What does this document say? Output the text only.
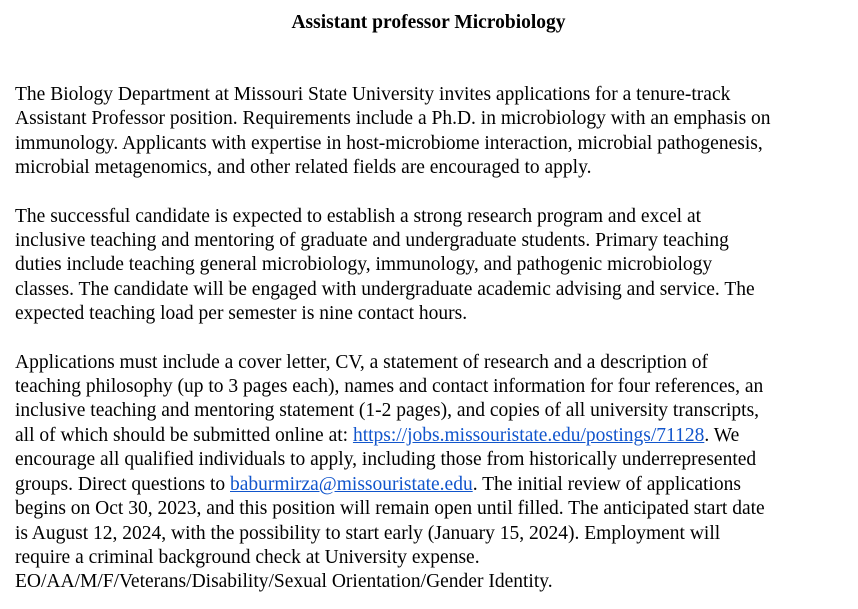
Assistant professor Microbiology

The Biology Department at Missouri State University invites applications for a tenure-track
Assistant Professor position. Requirements include a Ph.D. in microbiology with an emphasis on
immunology. Applicants with expertise in host-microbiome interaction, microbial pathogenesis,
microbial metagenomics, and other related fields are encouraged to apply.

The successful candidate is expected to establish a strong research program and excel at
inclusive teaching and mentoring of graduate and undergraduate students. Primary teaching
duties include teaching general microbiology, immunology, and pathogenic microbiology
classes. The candidate will be engaged with undergraduate academic advising and service. The
expected teaching load per semester is nine contact hours.

Applications must include a cover letter, CV, a statement of research and a description of
teaching philosophy (up to 3 pages each), names and contact information for four references, an
inclusive teaching and mentoring statement (1-2 pages), and copies of all university transcripts,
all of which should be submitted online at: https://jobs.missouristate.edu/postings/71128. We
encourage all qualified individuals to apply, including those from historically underrepresented
groups. Direct questions to baburmirza@missouristate.edu. The initial review of applications
begins on Oct 30, 2023, and this position will remain open until filled. The anticipated start date
is August 12, 2024, with the possibility to start early (January 15, 2024). Employment will
require a criminal background check at University expense.
EO/AA/M/F/Veterans/Disability/Sexual Orientation/Gender Identity.
